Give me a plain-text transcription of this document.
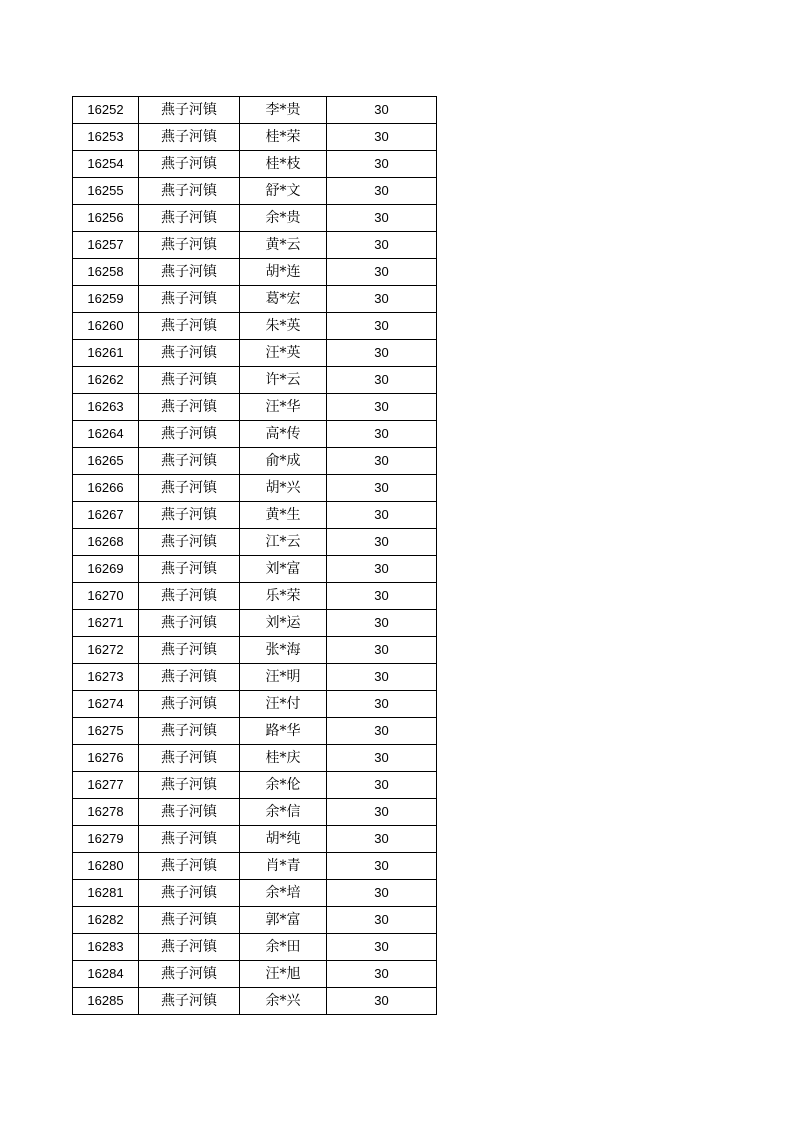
16252	燕子河镇	李*贵	30
16253	燕子河镇	桂*荣	30
16254	燕子河镇	桂*枝	30
16255	燕子河镇	舒*文	30
16256	燕子河镇	余*贵	30
16257	燕子河镇	黄*云	30
16258	燕子河镇	胡*连	30
16259	燕子河镇	葛*宏	30
16260	燕子河镇	朱*英	30
16261	燕子河镇	汪*英	30
16262	燕子河镇	许*云	30
16263	燕子河镇	汪*华	30
16264	燕子河镇	高*传	30
16265	燕子河镇	俞*成	30
16266	燕子河镇	胡*兴	30
16267	燕子河镇	黄*生	30
16268	燕子河镇	江*云	30
16269	燕子河镇	刘*富	30
16270	燕子河镇	乐*荣	30
16271	燕子河镇	刘*运	30
16272	燕子河镇	张*海	30
16273	燕子河镇	汪*明	30
16274	燕子河镇	汪*付	30
16275	燕子河镇	路*华	30
16276	燕子河镇	桂*庆	30
16277	燕子河镇	余*伦	30
16278	燕子河镇	余*信	30
16279	燕子河镇	胡*纯	30
16280	燕子河镇	肖*青	30
16281	燕子河镇	余*培	30
16282	燕子河镇	郭*富	30
16283	燕子河镇	余*田	30
16284	燕子河镇	汪*旭	30
16285	燕子河镇	余*兴	30
